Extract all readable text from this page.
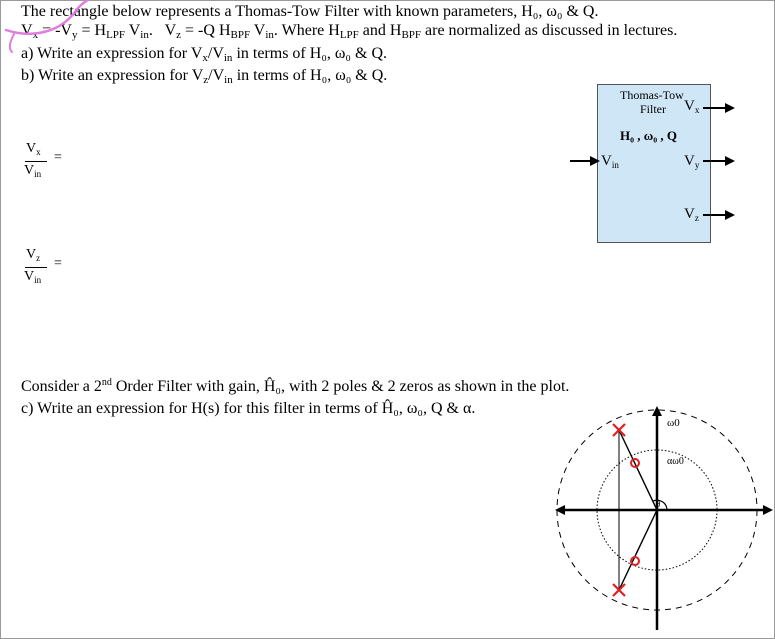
The rectangle below represents a Thomas-Tow Filter with known parameters, H₀, ω₀ & Q.
$V_x = -V_y = H_{LPF}$ $V_{in}$.   $V_z = -Q$ $H_{BPF}$ $V_{in}$. Where $H_{LPF}$ and $H_{BPF}$ are normalized as discussed in lectures.
a) Write an expression for $V_x/V_{in}$ in terms of H₀, ω₀ & Q.
b) Write an expression for $V_z/V_{in}$ in terms of H₀, ω₀ & Q.
$V_x$
$V_{in}$
=
$V_z$
$V_{in}$
=
Thomas-Tow
Filter $V_x$
H₀ , ω₀ , Q
$V_{in}$	$V_y$
$V_z$
Consider a 2nd Order Filter with gain, Ĥ₀, with 2 poles & 2 zeros as shown in the plot.
c) Write an expression for H(s) for this filter in terms of Ĥ₀, ω₀, Q & α.
ω0
αω0
θ
